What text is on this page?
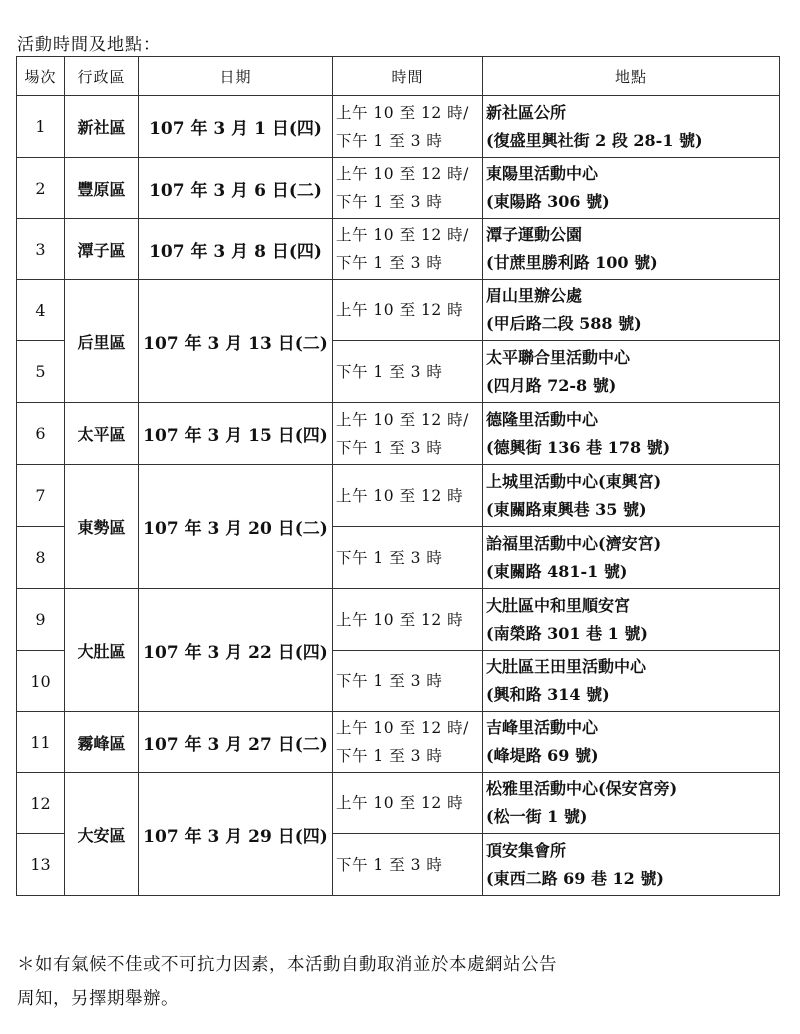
活動時間及地點：
場次	行政區	日期	時間	地點
1	新社區	107 年 3 月 1 日(四)	上午 10 至 12 時/
下午 1 至 3 時	新社區公所
(復盛里興社街 2 段 28-1 號)

2	豐原區	107 年 3 月 6 日(二)	上午 10 至 12 時/
下午 1 至 3 時	東陽里活動中心
(東陽路 306 號)

3	潭子區	107 年 3 月 8 日(四)	上午 10 至 12 時/
下午 1 至 3 時	潭子運動公園
(甘蔗里勝利路 100 號)

4	后里區	107 年 3 月 13 日(二)	上午 10 至 12 時	眉山里辦公處
(甲后路二段 588 號)

5			下午 1 至 3 時	太平聯合里活動中心
(四月路 72-8 號)

6	太平區	107 年 3 月 15 日(四)	上午 10 至 12 時/
下午 1 至 3 時	德隆里活動中心
(德興街 136 巷 178 號)

7	東勢區	107 年 3 月 20 日(二)	上午 10 至 12 時	上城里活動中心(東興宮)
(東關路東興巷 35 號)

8			下午 1 至 3 時	詒福里活動中心(濟安宮)
(東關路 481-1 號)

9	大肚區	107 年 3 月 22 日(四)	上午 10 至 12 時	大肚區中和里順安宮
(南榮路 301 巷 1 號)

10			下午 1 至 3 時	大肚區王田里活動中心
(興和路 314 號)

11	霧峰區	107 年 3 月 27 日(二)	上午 10 至 12 時/
下午 1 至 3 時	吉峰里活動中心
(峰堤路 69 號)

12	大安區	107 年 3 月 29 日(四)	上午 10 至 12 時	松雅里活動中心(保安宮旁)
(松一街 1 號)

13			下午 1 至 3 時	頂安集會所
(東西二路 69 巷 12 號)
＊如有氣候不佳或不可抗力因素，本活動自動取消並於本處網站公告
周知，另擇期舉辦。
